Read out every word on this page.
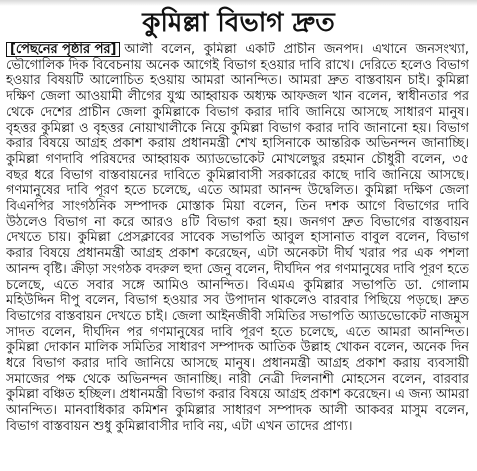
কুমিল্লা বিভাগ দ্রুত
[পেছনের পৃষ্ঠার পর] আলী বলেন, কুমিল্লা একটি প্রাচীন জনপদ। এখানে জনসংখ্যা, ভৌগোলিক দিক বিবেচনায় অনেক আগেই বিভাগ হওয়ার দাবি রাখে। দেরিতে হলেও বিভাগ হওয়ার বিষয়টি আলোচিত হওয়ায় আমরা আনন্দিত। আমরা দ্রুত বাস্তবায়ন চাই। কুমিল্লা দক্ষিণ জেলা আওয়ামী লীগের যুগ্ম আহ্বায়ক অধ্যক্ষ আফজল খান বলেন, স্বাধীনতার পর থেকে দেশের প্রাচীন জেলা কুমিল্লাকে বিভাগ করার দাবি জানিয়ে আসছে সাধারণ মানুষ। বৃহত্তর কুমিল্লা ও বৃহত্তর নোয়াখালীকে নিয়ে কুমিল্লা বিভাগ করার দাবি জানানো হয়। বিভাগ করার বিষয়ে আগ্রহ প্রকাশ করায় প্রধানমন্ত্রী শেখ হাসিনাকে আন্তরিক অভিনন্দন জানাচ্ছি। কুমিল্লা গণদাবি পরিষদের আহ্বায়ক অ্যাডভোকেট মোখলেছুর রহমান চৌধুরী বলেন, ৩৫ বছর ধরে বিভাগ বাস্তবায়নের দাবিতে কুমিল্লাবাসী সরকারের কাছে দাবি জানিয়ে আসছে। গণমানুষের দাবি পূরণ হতে চলেছে, এতে আমরা আনন্দ উদ্বেলিত। কুমিল্লা দক্ষিণ জেলা বিএনপির সাংগঠনিক সম্পাদক মোস্তাক মিয়া বলেন, তিন দশক আগে বিভাগের দাবি উঠলেও বিভাগ না করে আরও ৪টি বিভাগ করা হয়। জনগণ দ্রুত বিভাগের বাস্তবায়ন দেখতে চায়। কুমিল্লা প্রেসক্লাবের সাবেক সভাপতি আবুল হাসানাত বাবুল বলেন, বিভাগ করার বিষয়ে প্রধানমন্ত্রী আগ্রহ প্রকাশ করেছেন, এটা অনেকটা দীর্ঘ খরার পর এক পশলা আনন্দ বৃষ্টি। ক্রীড়া সংগঠক বদরুল হুদা জেনু বলেন, দীর্ঘদিন পর গণমানুষের দাবি পূরণ হতে চলেছে, এতে সবার সঙ্গে আমিও আনন্দিত। বিএমএ কুমিল্লার সভাপতি ডা. গোলাম মহিউদ্দিন দীপু বলেন, বিভাগ হওয়ার সব উপাদান থাকলেও বারবার পিছিয়ে পড়ছে। দ্রুত বিভাগের বাস্তবায়ন দেখতে চাই। জেলা আইনজীবী সমিতির সভাপতি অ্যাডভোকেট নাজমুস সাদত বলেন, দীর্ঘদিন পর গণমানুষের দাবি পূরণ হতে চলেছে, এতে আমরা আনন্দিত। কুমিল্লা দোকান মালিক সমিতির সাধারণ সম্পাদক আতিক উল্লাহ খোকন বলেন, অনেক দিন ধরে বিভাগ করার দাবি জানিয়ে আসছে মানুষ। প্রধানমন্ত্রী আগ্রহ প্রকাশ করায় ব্যবসায়ী সমাজের পক্ষ থেকে অভিনন্দন জানাচ্ছি। নারী নেত্রী দিলনাশী মোহসেন বলেন, বারবার কুমিল্লা বঞ্চিত হচ্ছিল। প্রধানমন্ত্রী বিভাগ করার বিষয়ে আগ্রহ প্রকাশ করেছেন। এ জন্য আমরা আনন্দিত। মানবাধিকার কমিশন কুমিল্লার সাধারণ সম্পাদক আলী আকবর মাসুম বলেন, বিভাগ বাস্তবায়ন শুধু কুমিল্লাবাসীর দাবি নয়, এটা এখন তাদের প্রাণ্য।
